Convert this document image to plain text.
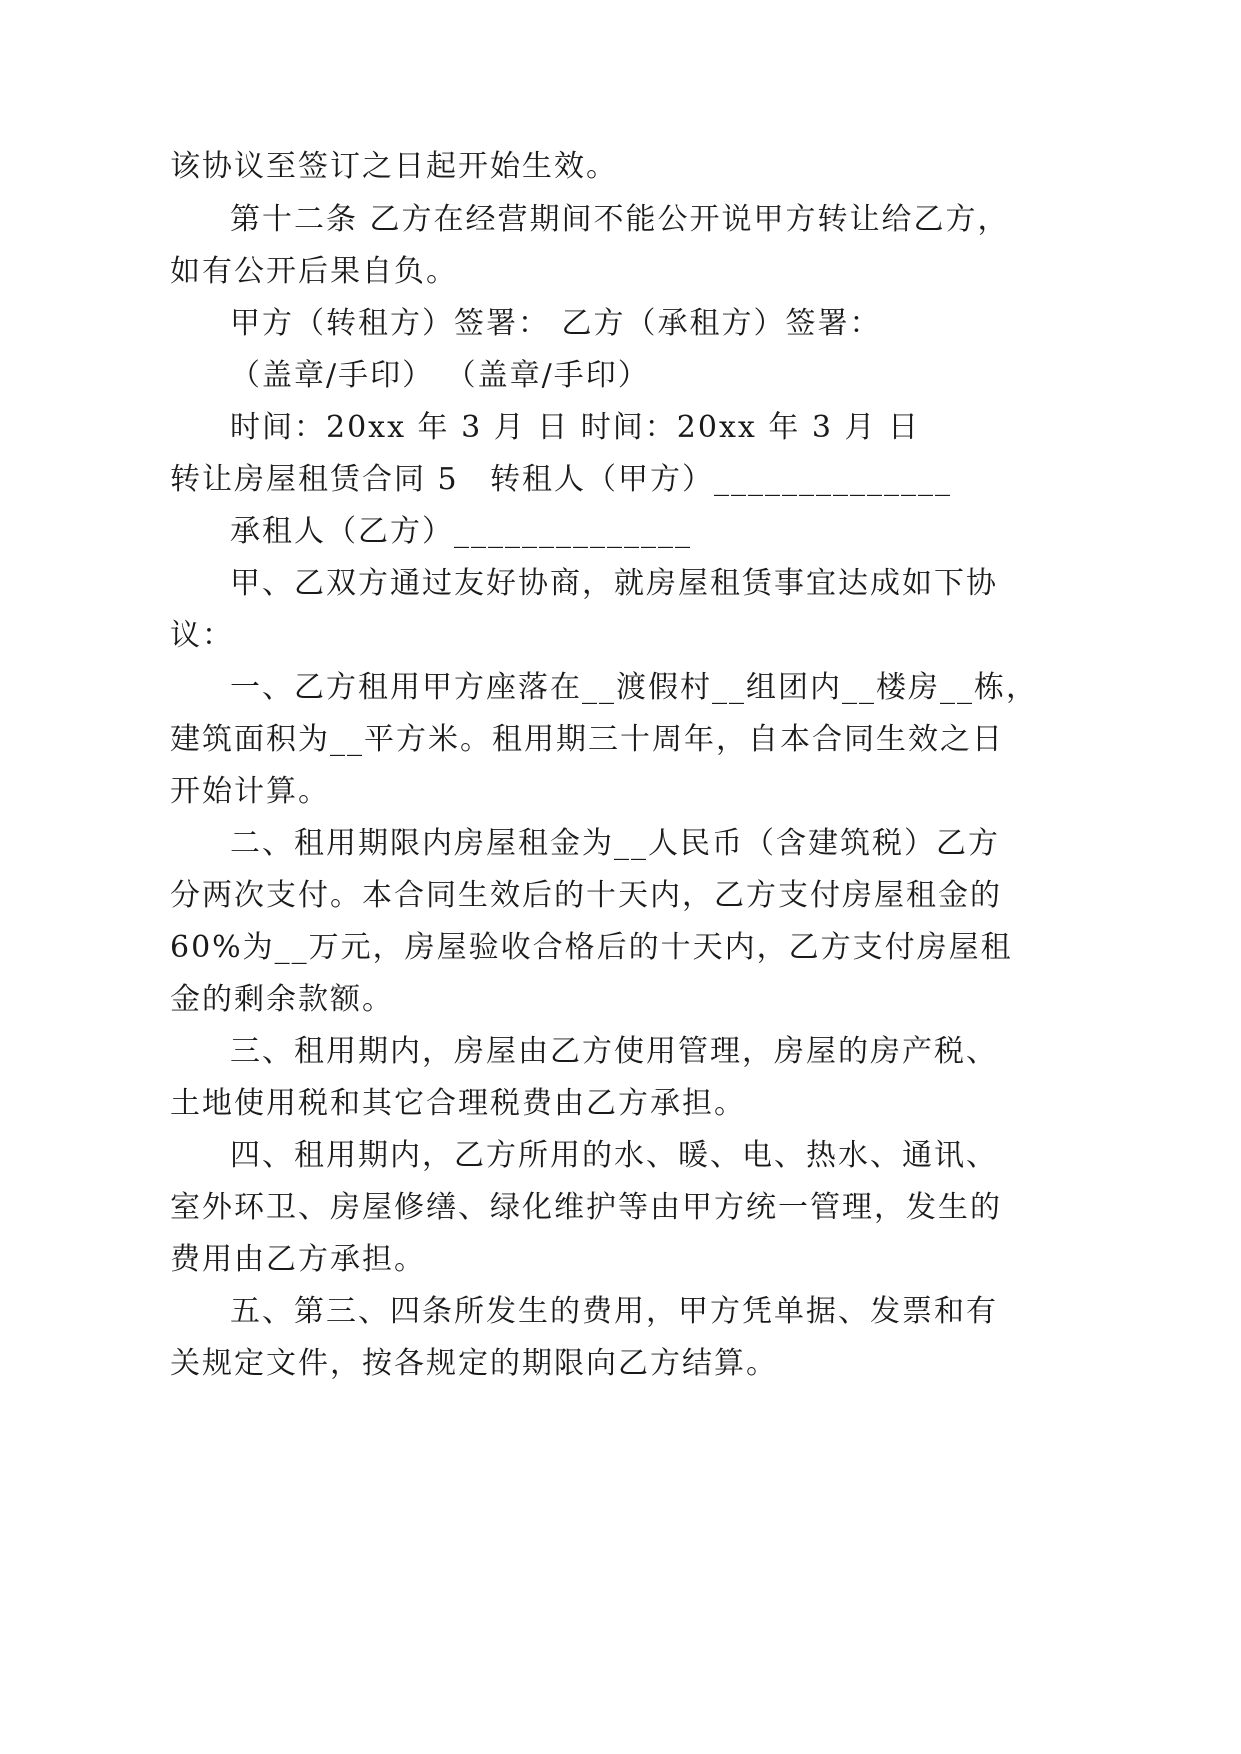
该协议至签订之日起开始生效。
第十二条 乙方在经营期间不能公开说甲方转让给乙方，
如有公开后果自负。
甲方（转租方）签署： 乙方（承租方）签署：
（盖章/手印） （盖章/手印）
时间：20xx 年 3 月 日 时间：20xx 年 3 月 日
转让房屋租赁合同 5 转租人（甲方）______________
承租人（乙方）______________
甲、乙双方通过友好协商，就房屋租赁事宜达成如下协
议：
一、乙方租用甲方座落在__渡假村__组团内__楼房__栋，
建筑面积为__平方米。租用期三十周年，自本合同生效之日
开始计算。
二、租用期限内房屋租金为__人民币（含建筑税）乙方
分两次支付。本合同生效后的十天内，乙方支付房屋租金的
60%为__万元，房屋验收合格后的十天内，乙方支付房屋租
金的剩余款额。
三、租用期内，房屋由乙方使用管理，房屋的房产税、
土地使用税和其它合理税费由乙方承担。
四、租用期内，乙方所用的水、暖、电、热水、通讯、
室外环卫、房屋修缮、绿化维护等由甲方统一管理，发生的
费用由乙方承担。
五、第三、四条所发生的费用，甲方凭单据、发票和有
关规定文件，按各规定的期限向乙方结算。
